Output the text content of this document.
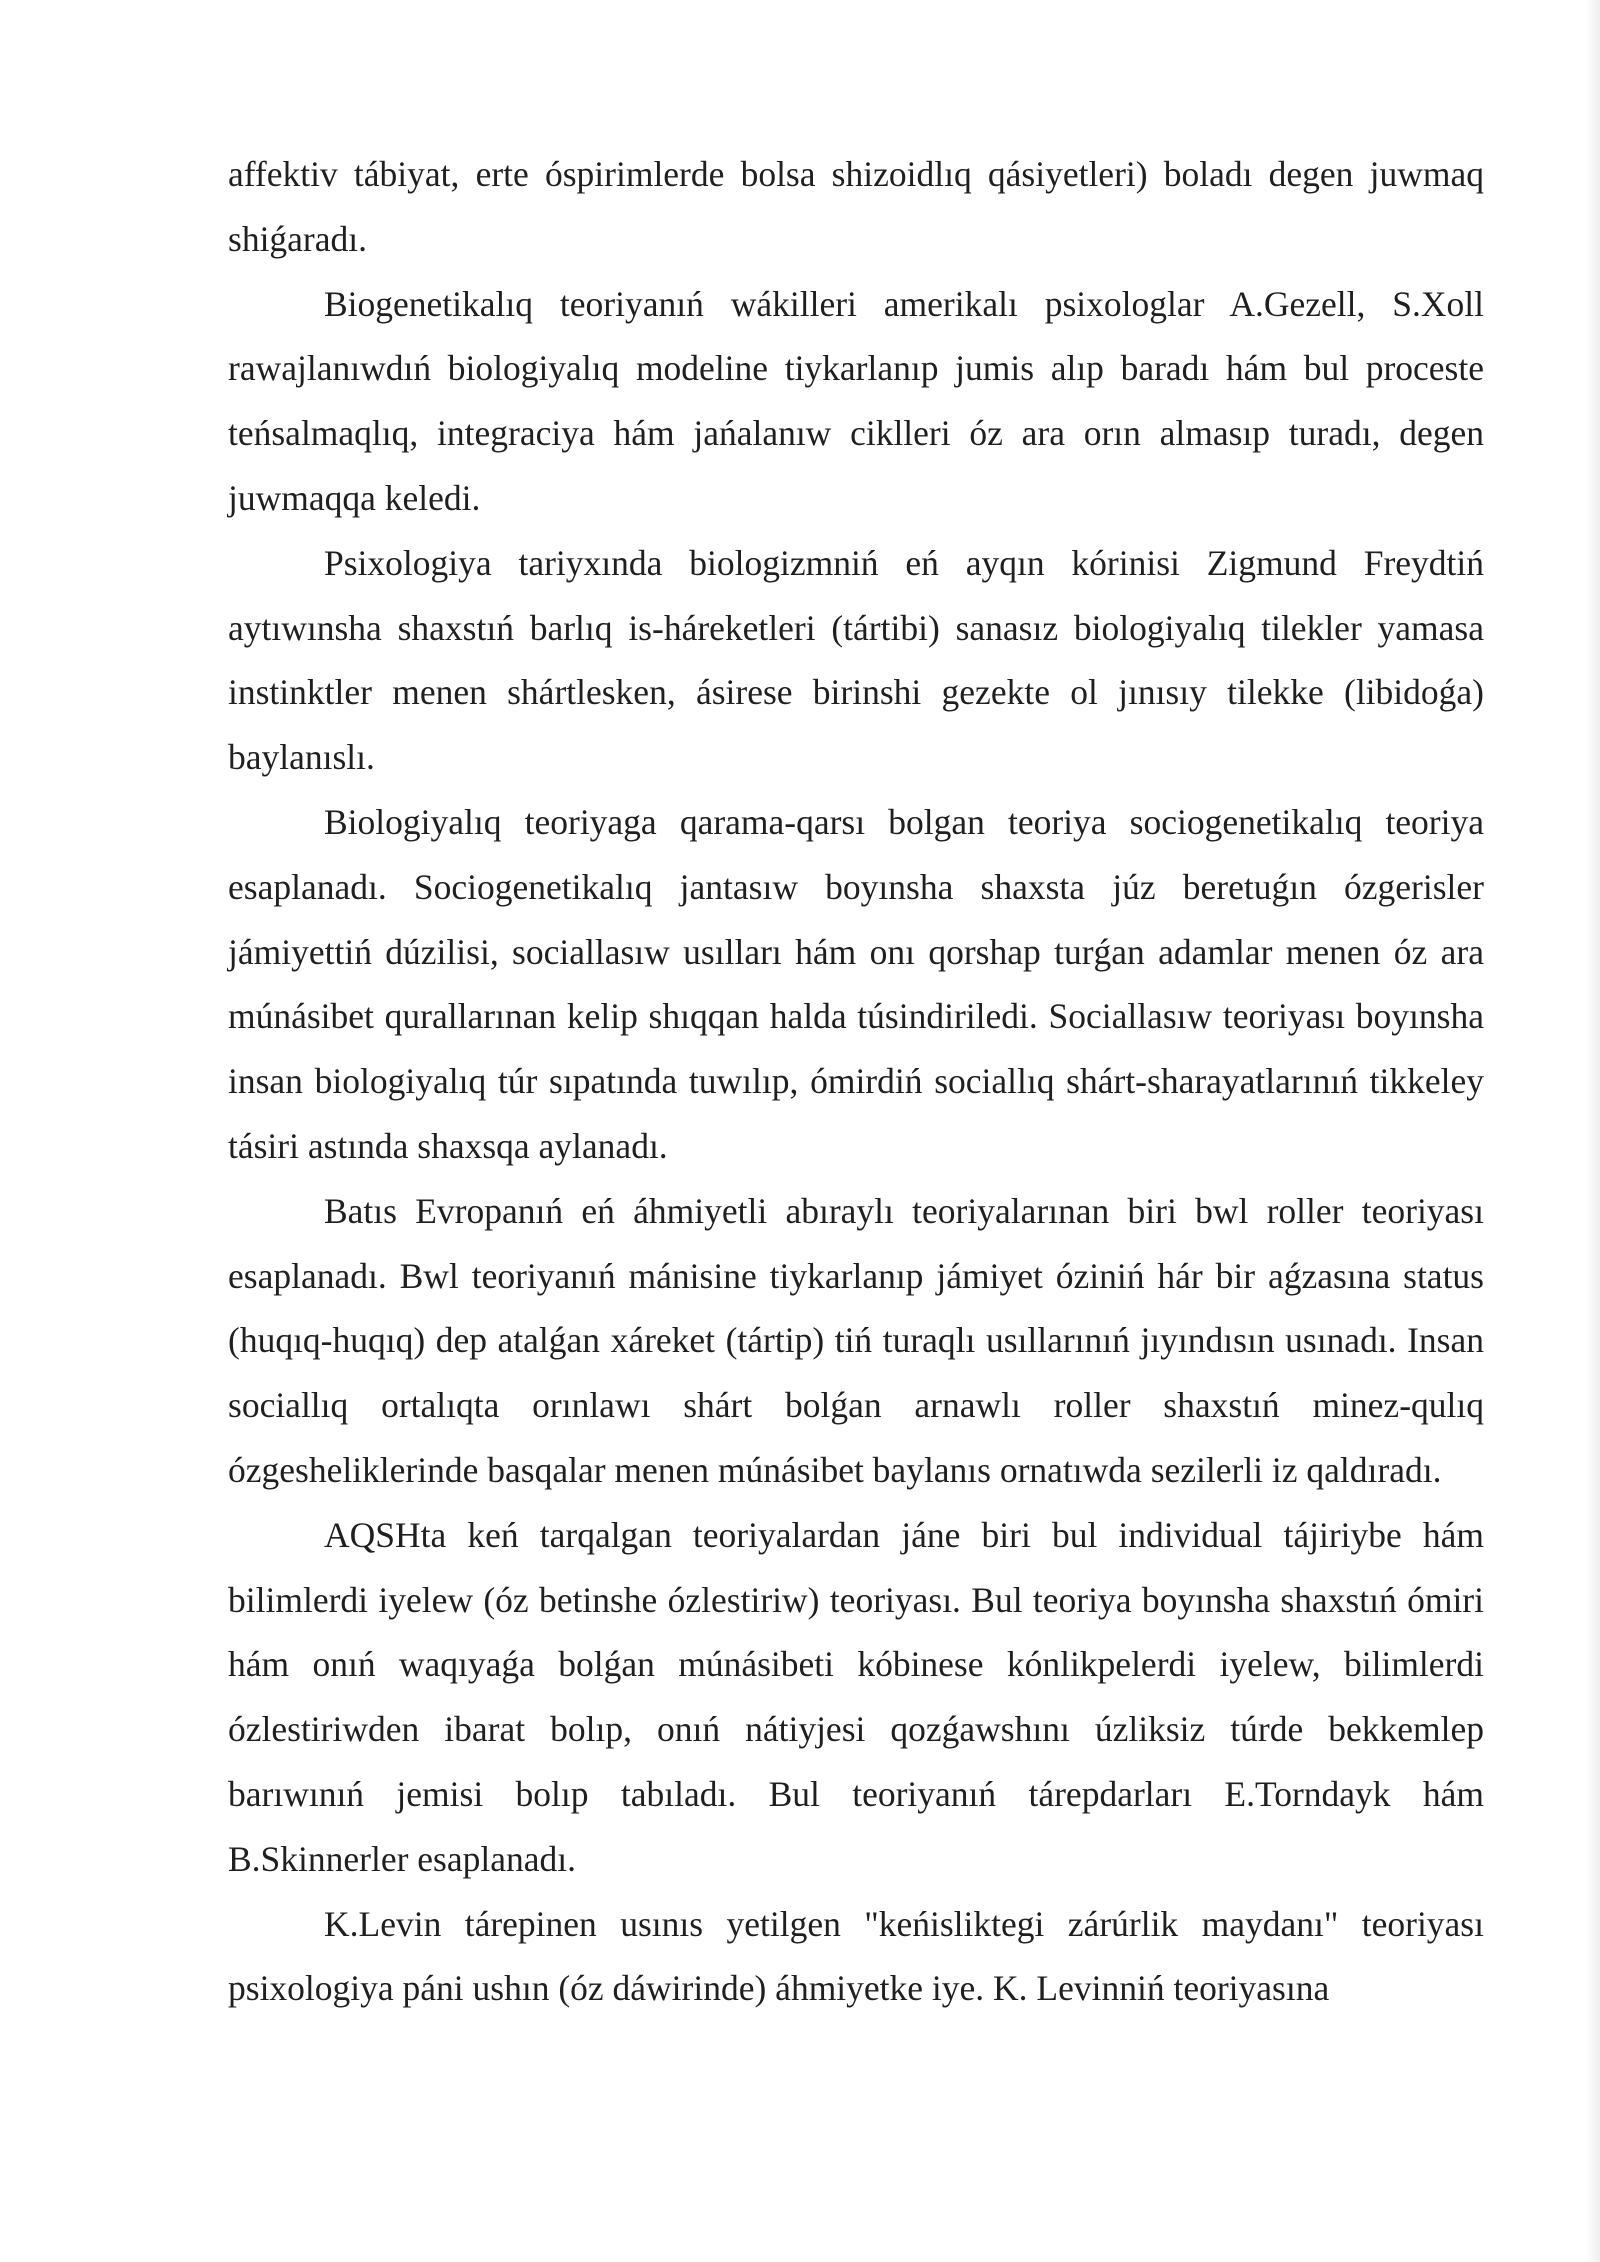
affektiv tábiyat, erte óspirimlerde bolsa shizoidlıq qásiyetleri) boladı degen juwmaq shiǵaradı.

Biogenetikalıq teoriyanıń wákilleri amerikalı psixologlar A.Gezell, S.Xoll rawajlanıwdıń biologiyalıq modeline tiykarlanıp jumis alıp baradı hám bul proceste teńsalmaqlıq, integraciya hám jańalanıw ciklleri óz ara orın almasıp turadı, degen juwmaqqa keledi.

Psixologiya tariyxında biologizmniń eń ayqın kórinisi Zigmund Freydtiń aytıwınsha shaxstıń barlıq is-háreketleri (tártibi) sanasız biologiyalıq tilekler yamasa instinktler menen shártlesken, ásirese birinshi gezekte ol jınısıy tilekke (libidoǵa) baylanıslı.

Biologiyalıq teoriyaga qarama-qarsı bolgan teoriya sociogenetikalıq teoriya esaplanadı. Sociogenetikalıq jantasıw boyınsha shaxsta júz beretuǵın ózgerisler jámiyettiń dúzilisi, sociallasıw usılları hám onı qorshap turǵan adamlar menen óz ara múnásibet qurallarınan kelip shıqqan halda túsindiriledi. Sociallasıw teoriyası boyınsha insan biologiyalıq túr sıpatında tuwılıp, ómirdiń sociallıq shárt-sharayatlarınıń tikkeley tásiri astında shaxsqa aylanadı.

Batıs Evropanıń eń áhmiyetli abıraylı teoriyalarınan biri bwl roller teoriyası esaplanadı. Bwl teoriyanıń mánisine tiykarlanıp jámiyet óziniń hár bir aǵzasına status (huqıq-huqıq) dep atalǵan xáreket (tártip) tiń turaqlı usıllarınıń jıyındısın usınadı. Insan sociallıq ortalıqta orınlawı shárt bolǵan arnawlı roller shaxstıń minez-qulıq ózgesheliklerinde basqalar menen múnásibet baylanıs ornatıwda sezilerli iz qaldıradı.

AQSHta keń tarqalgan teoriyalardan jáne biri bul individual tájiriybe hám bilimlerdi iyelew (óz betinshe ózlestiriw) teoriyası. Bul teoriya boyınsha shaxstıń ómiri hám onıń waqıyaǵa bolǵan múnásibeti kóbinese kónlikpelerdi iyelew, bilimlerdi ózlestiriwden ibarat bolıp, onıń nátiyjesi qozǵawshını úzliksiz túrde bekkemlep barıwınıń jemisi bolıp tabıladı. Bul teoriyanıń tárepdarları E.Torndayk hám B.Skinnerler esaplanadı.

K.Levin tárepinen usınıs yetilgen "keńisliktegi zárúrlik maydanı" teoriyası psixologiya páni ushın (óz dáwirinde) áhmiyetke iye. K. Levinniń teoriyasına
